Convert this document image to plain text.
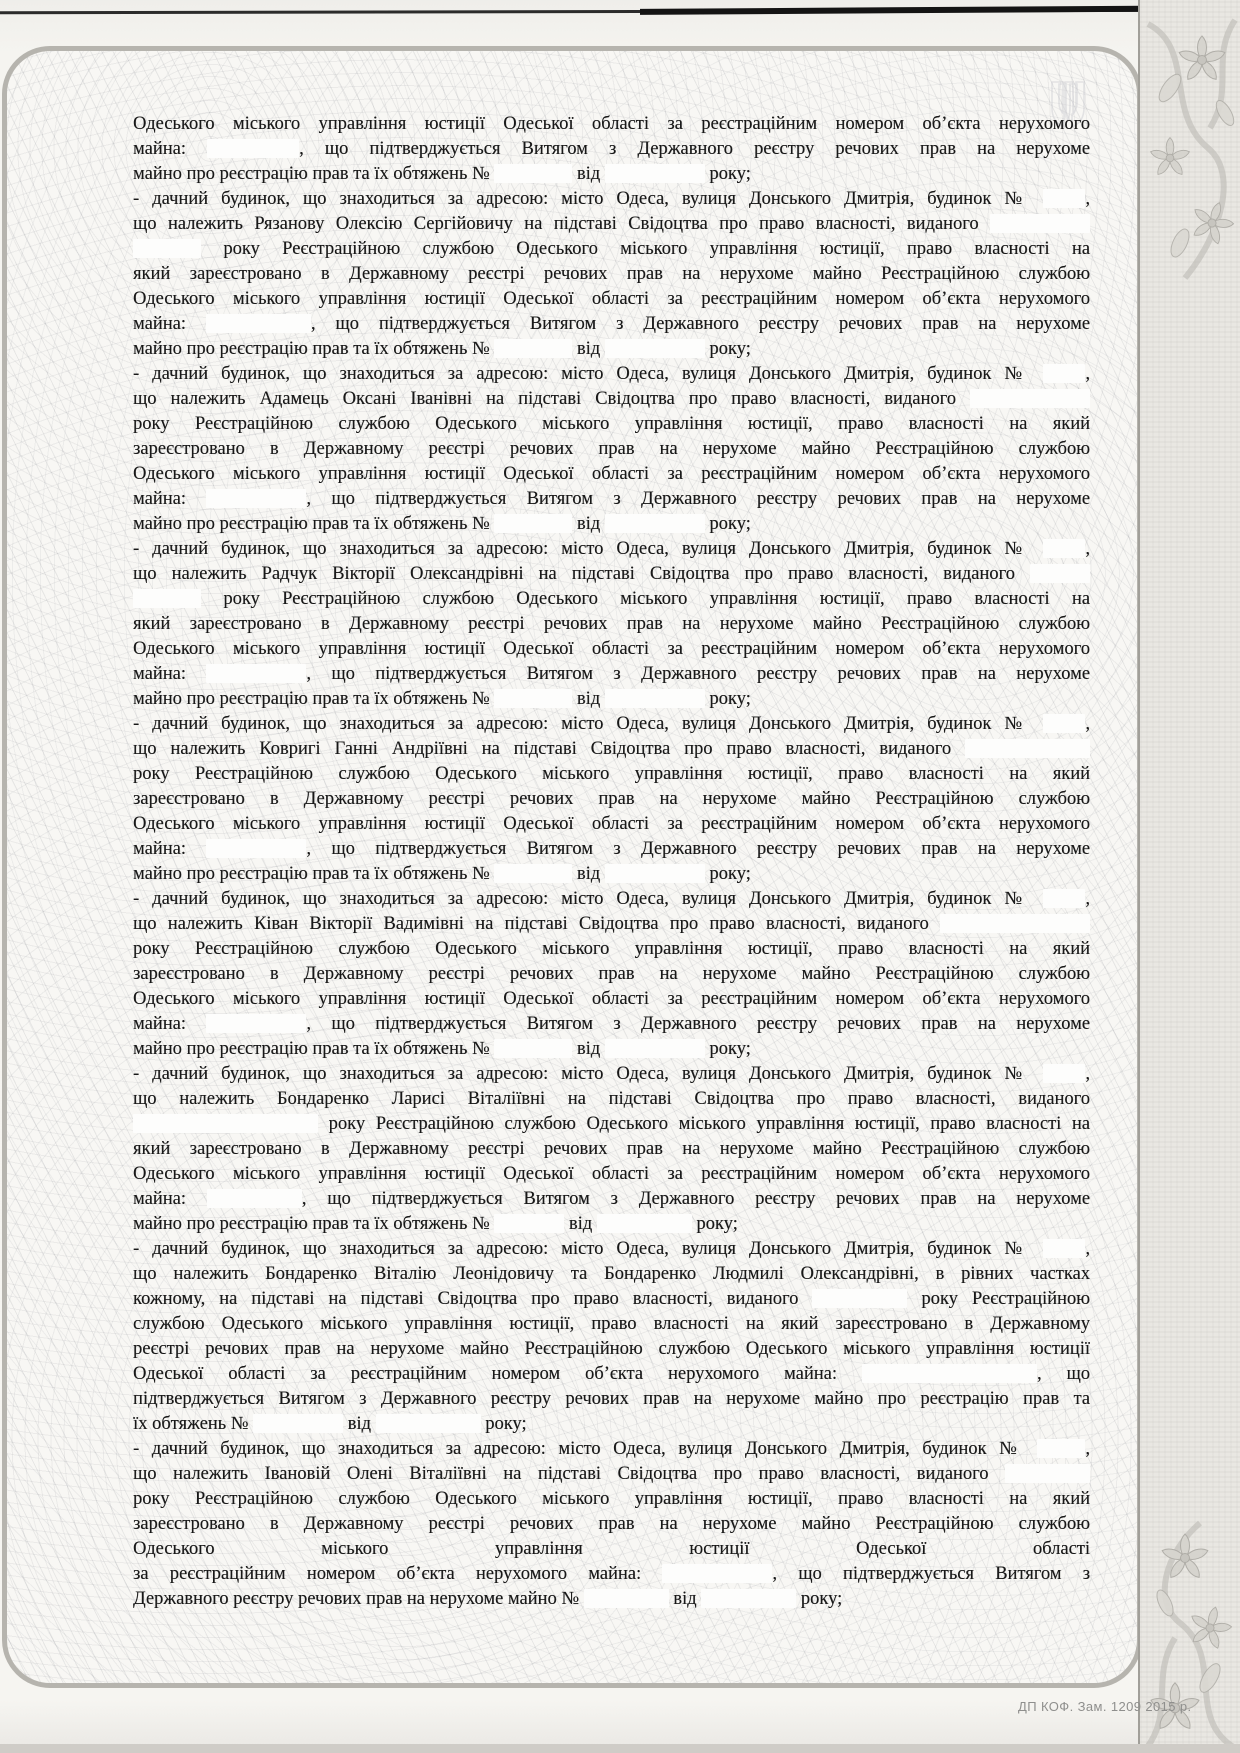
Одеського міського управління юстиції Одеської області за реєстраційним номером об’єкта нерухомого
майна:	, що підтверджується Витягом з Державного реєстру речових прав на нерухоме
майно про реєстрацію прав та їх обтяжень №	від	року;
- дачний будинок, що знаходиться за адресою: місто Одеса, вулиця Донського Дмитрія, будинок № ,
що належить Рязанову Олексію Сергійовичу на підставі Свідоцтва про право власності, виданого
року Реєстраційною службою Одеського міського управління юстиції, право власності на
який зареєстровано в Державному реєстрі речових прав на нерухоме майно Реєстраційною службою
Одеського міського управління юстиції Одеської області за реєстраційним номером об’єкта нерухомого
майна:	, що підтверджується Витягом з Державного реєстру речових прав на нерухоме
майно про реєстрацію прав та їх обтяжень №	від	року;
- дачний будинок, що знаходиться за адресою: місто Одеса, вулиця Донського Дмитрія, будинок № ,
що належить Адамець Оксані Іванівні на підставі Свідоцтва про право власності, виданого
року Реєстраційною службою Одеського міського управління юстиції, право власності на який
зареєстровано в Державному реєстрі речових прав на нерухоме майно Реєстраційною службою
Одеського міського управління юстиції Одеської області за реєстраційним номером об’єкта нерухомого
майна:	, що підтверджується Витягом з Державного реєстру речових прав на нерухоме
майно про реєстрацію прав та їх обтяжень №	від	року;
- дачний будинок, що знаходиться за адресою: місто Одеса, вулиця Донського Дмитрія, будинок № ,
що належить Радчук Вікторії Олександрівні на підставі Свідоцтва про право власності, виданого
року Реєстраційною службою Одеського міського управління юстиції, право власності на
який зареєстровано в Державному реєстрі речових прав на нерухоме майно Реєстраційною службою
Одеського міського управління юстиції Одеської області за реєстраційним номером об’єкта нерухомого
майна:	, що підтверджується Витягом з Державного реєстру речових прав на нерухоме
майно про реєстрацію прав та їх обтяжень №	від	року;
- дачний будинок, що знаходиться за адресою: місто Одеса, вулиця Донського Дмитрія, будинок № ,
що належить Ковригі Ганні Андріївні на підставі Свідоцтва про право власності, виданого
року Реєстраційною службою Одеського міського управління юстиції, право власності на який
зареєстровано в Державному реєстрі речових прав на нерухоме майно Реєстраційною службою
Одеського міського управління юстиції Одеської області за реєстраційним номером об’єкта нерухомого
майна:	, що підтверджується Витягом з Державного реєстру речових прав на нерухоме
майно про реєстрацію прав та їх обтяжень №	від	року;
- дачний будинок, що знаходиться за адресою: місто Одеса, вулиця Донського Дмитрія, будинок № ,
що належить Ківан Вікторії Вадимівні на підставі Свідоцтва про право власності, виданого
року Реєстраційною службою Одеського міського управління юстиції, право власності на який
зареєстровано в Державному реєстрі речових прав на нерухоме майно Реєстраційною службою
Одеського міського управління юстиції Одеської області за реєстраційним номером об’єкта нерухомого
майна:	, що підтверджується Витягом з Державного реєстру речових прав на нерухоме
майно про реєстрацію прав та їх обтяжень №	від	року;
- дачний будинок, що знаходиться за адресою: місто Одеса, вулиця Донського Дмитрія, будинок № ,
що належить Бондаренко Ларисі Віталіївні на підставі Свідоцтва про право власності, виданого
року Реєстраційною службою Одеського міського управління юстиції, право власності на
який зареєстровано в Державному реєстрі речових прав на нерухоме майно Реєстраційною службою
Одеського міського управління юстиції Одеської області за реєстраційним номером об’єкта нерухомого
майна:	, що підтверджується Витягом з Державного реєстру речових прав на нерухоме
майно про реєстрацію прав та їх обтяжень №	від	року;
- дачний будинок, що знаходиться за адресою: місто Одеса, вулиця Донського Дмитрія, будинок № ,
що належить Бондаренко Віталію Леонідовичу та Бондаренко Людмилі Олександрівні, в рівних частках
кожному, на підставі на підставі Свідоцтва про право власності, виданого	року Реєстраційною
службою Одеського міського управління юстиції, право власності на який зареєстровано в Державному
реєстрі речових прав на нерухоме майно Реєстраційною службою Одеського міського управління юстиції
Одеської області за реєстраційним номером об’єкта нерухомого майна:	, що
підтверджується Витягом з Державного реєстру речових прав на нерухоме майно про реєстрацію прав та
їх обтяжень №	від	року;
- дачний будинок, що знаходиться за адресою: місто Одеса, вулиця Донського Дмитрія, будинок №	,
що належить Івановій Олені Віталіївні на підставі Свідоцтва про право власності, виданого
року Реєстраційною службою Одеського міського управління юстиції, право власності на який
зареєстровано в Державному реєстрі речових прав на нерухоме майно Реєстраційною службою
Одеського міського управління юстиції Одеської області
за реєстраційним номером об’єкта нерухомого майна:	, що підтверджується Витягом з
Державного реєстру речових прав на нерухоме майно №	від	року;
ДП КОФ. Зам. 1209 2015 р.
